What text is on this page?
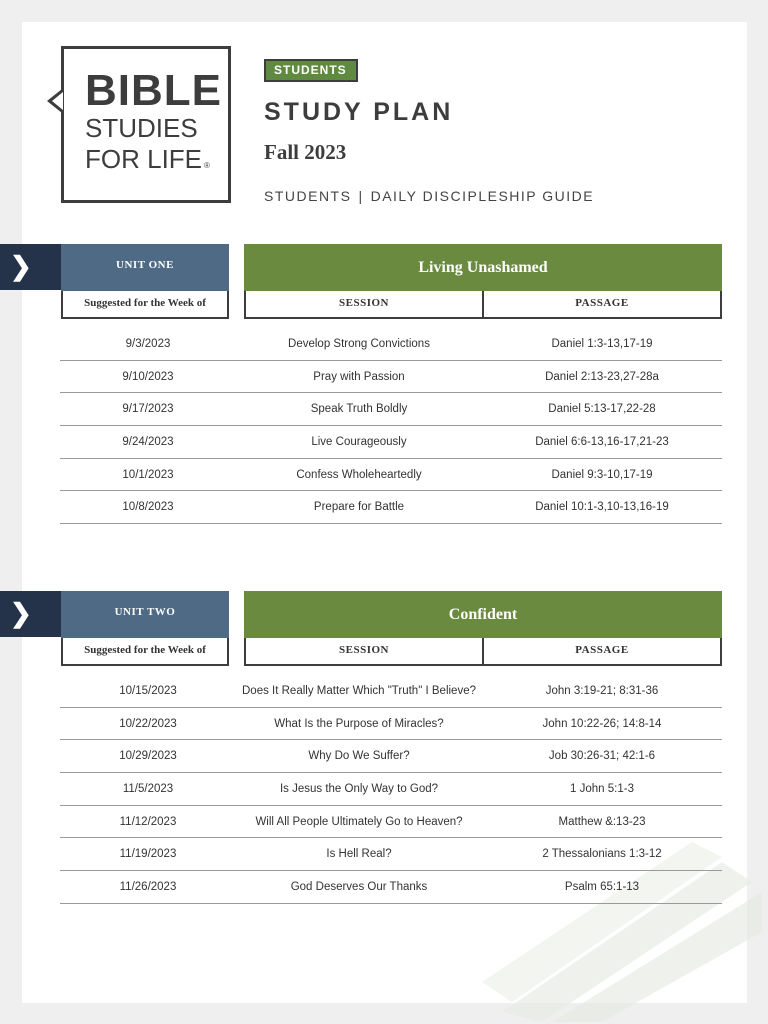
BIBLE
STUDIES
FOR LIFE ®
STUDENTS
STUDY PLAN
Fall 2023
STUDENTS | DAILY DISCIPLESHIP GUIDE
❯	UNIT ONE	Living Unashamed
Suggested for the Week of	SESSION	PASSAGE
9/3/2023	Develop Strong Convictions	Daniel 1:3-13,17-19
9/10/2023	Pray with Passion	Daniel 2:13-23,27-28a
9/17/2023	Speak Truth Boldly	Daniel 5:13-17,22-28
9/24/2023	Live Courageously	Daniel 6:6-13,16-17,21-23
10/1/2023	Confess Wholeheartedly	Daniel 9:3-10,17-19
10/8/2023	Prepare for Battle	Daniel 10:1-3,10-13,16-19
❯	UNIT TWO	Confident
Suggested for the Week of	SESSION	PASSAGE
10/15/2023	Does It Really Matter Which "Truth" I Believe?	John 3:19-21; 8:31-36
10/22/2023	What Is the Purpose of Miracles?	John 10:22-26; 14:8-14
10/29/2023	Why Do We Suffer?	Job 30:26-31; 42:1-6
11/5/2023	Is Jesus the Only Way to God?	1 John 5:1-3
11/12/2023	Will All People Ultimately Go to Heaven?	Matthew &:13-23
11/19/2023	Is Hell Real?	2 Thessalonians 1:3-12
11/26/2023	God Deserves Our Thanks	Psalm 65:1-13
